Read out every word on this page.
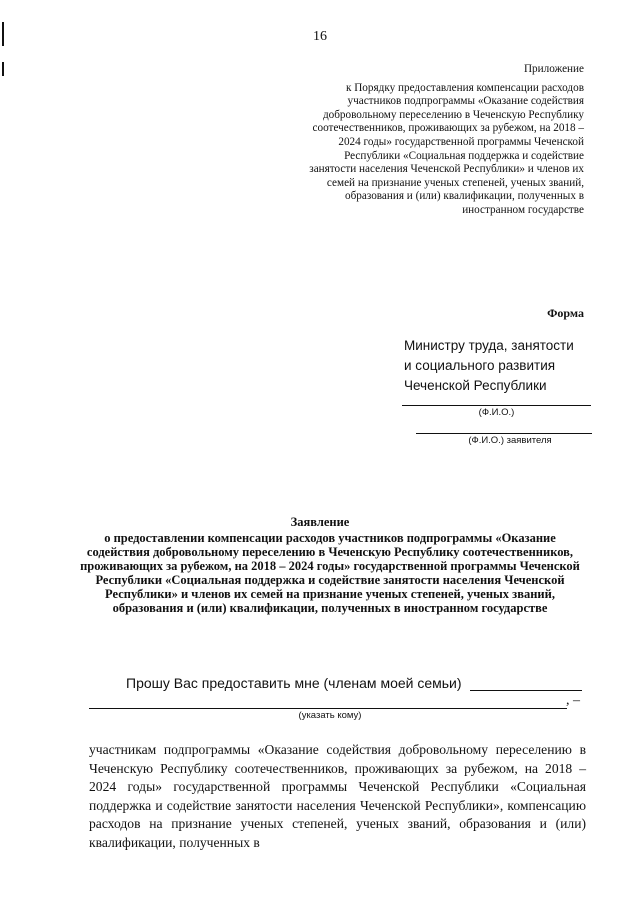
16
Приложение
к Порядку предоставления компенсации расходов участников подпрограммы «Оказание содействия добровольному переселению в Чеченскую Республику соотечественников, проживающих за рубежом, на 2018 – 2024 годы» государственной программы Чеченской Республики «Социальная поддержка и содействие занятости населения Чеченской Республики» и членов их семей на признание ученых степеней, ученых званий, образования и (или) квалификации, полученных в иностранном государстве
Форма
Министру труда, занятости
и социального развития
Чеченской Республики
(Ф.И.О.)
(Ф.И.О.) заявителя
Заявление
о предоставлении компенсации расходов участников подпрограммы «Оказание содействия добровольному переселению в Чеченскую Республику соотечественников, проживающих за рубежом, на 2018 – 2024 годы» государственной программы Чеченской Республики «Социальная поддержка и содействие занятости населения Чеченской Республики» и членов их семей на признание ученых степеней, ученых званий, образования и (или) квалификации, полученных в иностранном государстве
Прошу Вас предоставить мне (членам моей семьи)
, –
(указать кому)
участникам подпрограммы «Оказание содействия добровольному переселению в Чеченскую Республику соотечественников, проживающих за рубежом, на 2018 – 2024 годы» государственной программы Чеченской Республики «Социальная поддержка и содействие занятости населения Чеченской Республики», компенсацию расходов на признание ученых степеней, ученых званий, образования и (или) квалификации, полученных в
